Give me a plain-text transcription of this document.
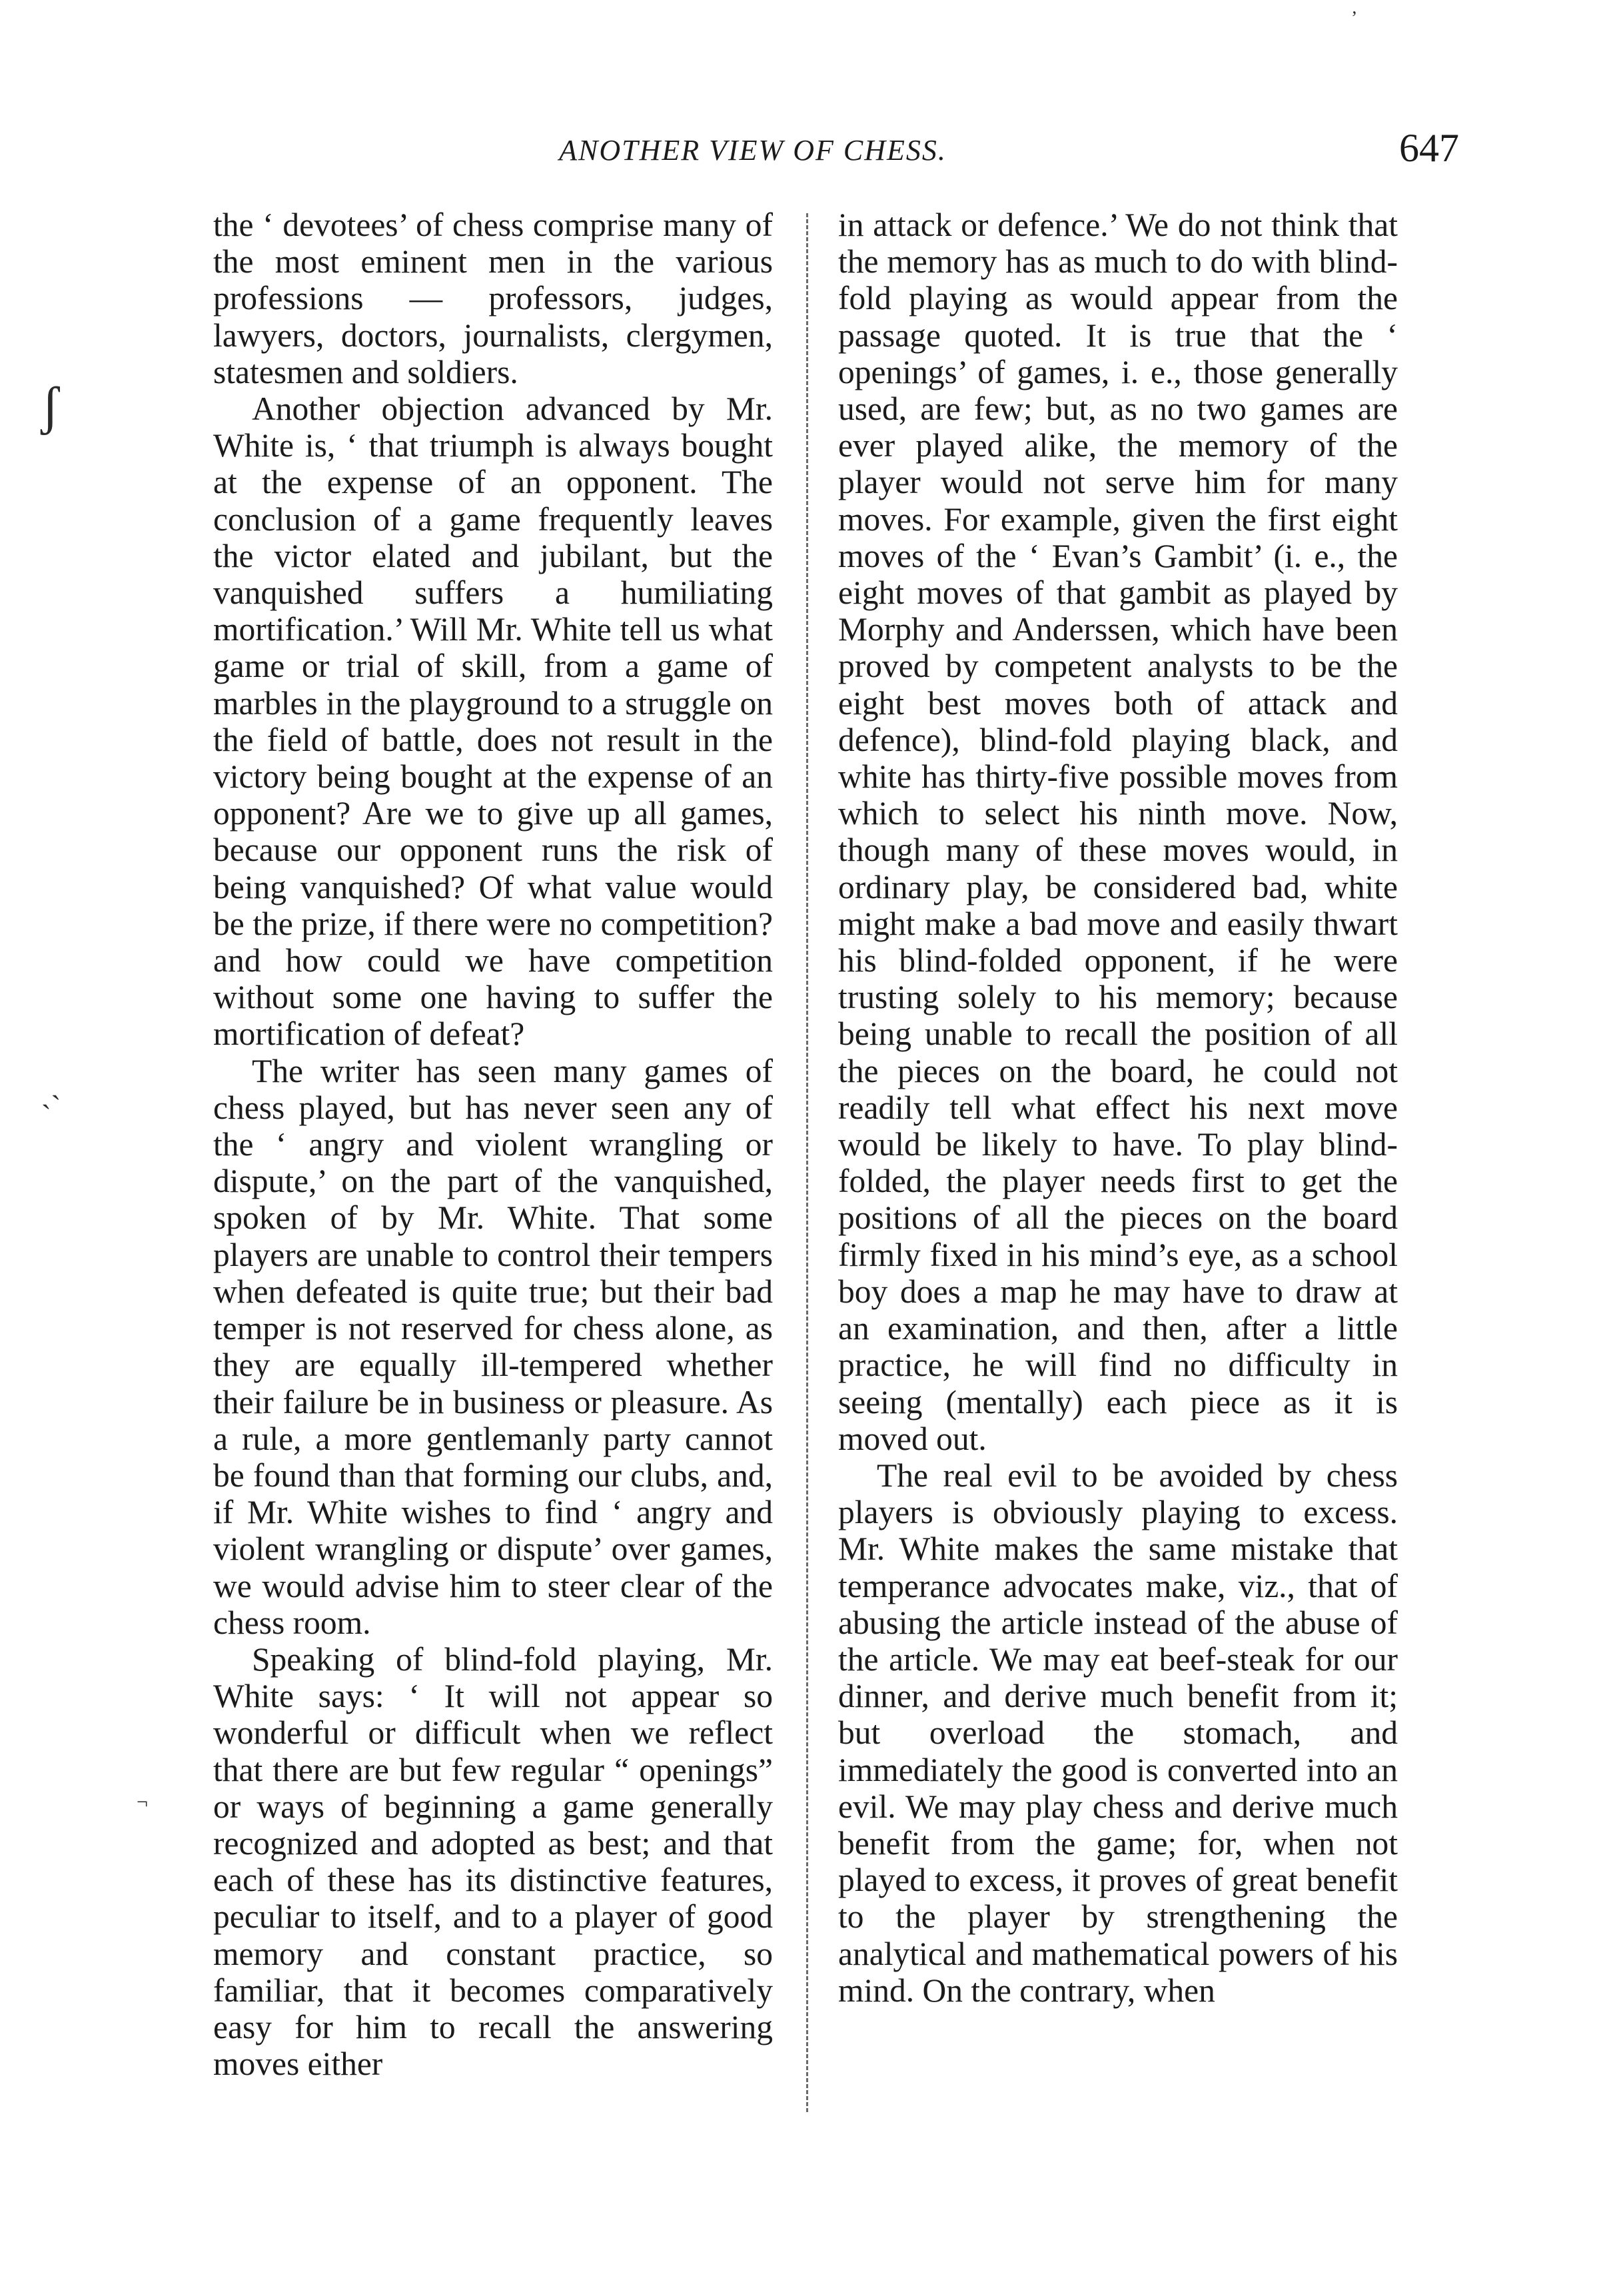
ANOTHER VIEW OF CHESS.	647
ʃ
ˎ˴
¬
ʼ

the ‘ devotees’ of chess comprise many of the most eminent men in the various professions — professors, judges, lawyers, doctors, journalists, clergymen, statesmen and soldiers.

Another objection advanced by Mr. White is, ‘ that triumph is always bought at the expense of an opponent. The conclusion of a game frequently leaves the victor elated and jubilant, but the vanquished suffers a humiliating mortification.’ Will Mr. White tell us what game or trial of skill, from a game of marbles in the playground to a struggle on the field of battle, does not result in the victory being bought at the expense of an opponent? Are we to give up all games, because our opponent runs the risk of being vanquished? Of what value would be the prize, if there were no competition? and how could we have competition without some one having to suffer the mortification of defeat?

The writer has seen many games of chess played, but has never seen any of the ‘ angry and violent wrangling or dispute,’ on the part of the vanquished, spoken of by Mr. White. That some players are unable to control their tempers when defeated is quite true; but their bad temper is not reserved for chess alone, as they are equally ill-tempered whether their failure be in business or pleasure. As a rule, a more gentlemanly party cannot be found than that forming our clubs, and, if Mr. White wishes to find ‘ angry and violent wrangling or dispute’ over games, we would advise him to steer clear of the chess room.

Speaking of blind-fold playing, Mr. White says: ‘ It will not appear so wonderful or difficult when we reflect that there are but few regular “ openings” or ways of beginning a game generally recognized and adopted as best; and that each of these has its distinctive features, peculiar to itself, and to a player of good memory and constant practice, so familiar, that it becomes comparatively easy for him to recall the answering moves either

in attack or defence.’ We do not think that the memory has as much to do with blind-fold playing as would appear from the passage quoted. It is true that the ‘ openings’ of games, i. e., those generally used, are few; but, as no two games are ever played alike, the memory of the player would not serve him for many moves. For example, given the first eight moves of the ‘ Evan’s Gambit’ (i. e., the eight moves of that gambit as played by Morphy and Anderssen, which have been proved by competent analysts to be the eight best moves both of attack and defence), blind-fold playing black, and white has thirty-five possible moves from which to select his ninth move. Now, though many of these moves would, in ordinary play, be considered bad, white might make a bad move and easily thwart his blind-folded opponent, if he were trusting solely to his memory; because being unable to recall the position of all the pieces on the board, he could not readily tell what effect his next move would be likely to have. To play blind-folded, the player needs first to get the positions of all the pieces on the board firmly fixed in his mind’s eye, as a school boy does a map he may have to draw at an examination, and then, after a little practice, he will find no difficulty in seeing (mentally) each piece as it is moved out.

The real evil to be avoided by chess players is obviously playing to excess. Mr. White makes the same mistake that temperance advocates make, viz., that of abusing the article instead of the abuse of the article. We may eat beef-steak for our dinner, and derive much benefit from it; but overload the stomach, and immediately the good is converted into an evil. We may play chess and derive much benefit from the game; for, when not played to excess, it proves of great benefit to the player by strengthening the analytical and mathematical powers of his mind. On the contrary, when
